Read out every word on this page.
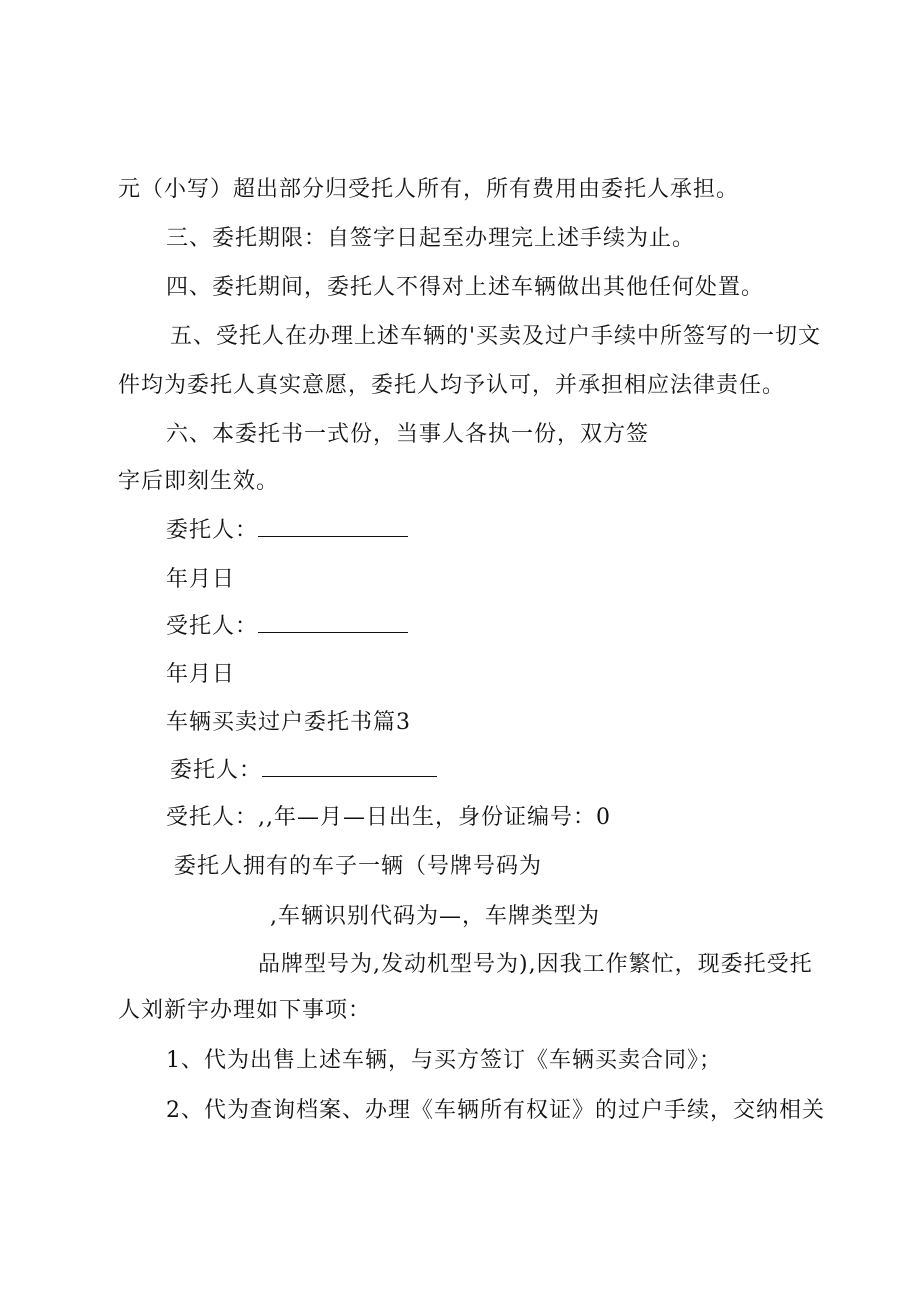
元（小写）超出部分归受托人所有，所有费用由委托人承担。
三、委托期限：自签字日起至办理完上述手续为止。
四、委托期间，委托人不得对上述车辆做出其他任何处置。
五、受托人在办理上述车辆的'买卖及过户手续中所签写的一切文
件均为委托人真实意愿，委托人均予认可，并承担相应法律责任。
六、本委托书一式份，当事人各执一份，双方签
字后即刻生效。
委托人：
年月日
受托人：
年月日
车辆买卖过户委托书篇3
委托人：
受托人：,,年—月—日出生，身份证编号：0
委托人拥有的车子一辆（号牌号码为
,车辆识别代码为—，车牌类型为
品牌型号为,发动机型号为),因我工作繁忙，现委托受托
人刘新宇办理如下事项：
1、代为出售上述车辆，与买方签订《车辆买卖合同》；
2、代为查询档案、办理《车辆所有权证》的过户手续，交纳相关
